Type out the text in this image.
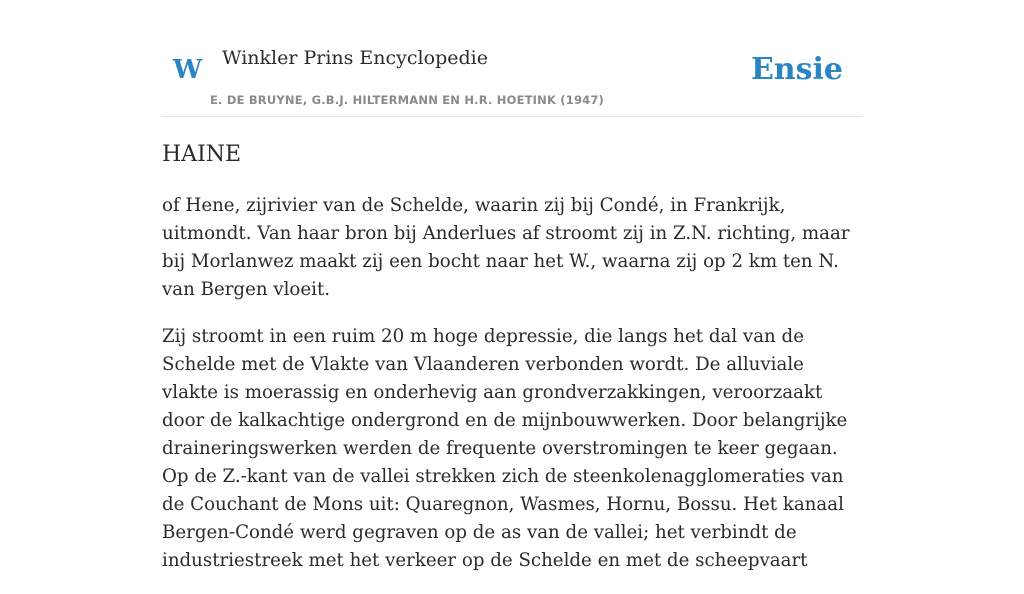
W Winkler Prins Encyclopedie
E. DE BRUYNE, G.B.J. HILTERMANN EN H.R. HOETINK (1947)
Ensie
HAINE

of Hene, zijrivier van de Schelde, waarin zij bij Condé, in Frankrijk, uitmondt. Van haar bron bij Anderlues af stroomt zij in Z.N. richting, maar bij Morlanwez maakt zij een bocht naar het W., waarna zij op 2 km ten N. van Bergen vloeit.

Zij stroomt in een ruim 20 m hoge depressie, die langs het dal van de Schelde met de Vlakte van Vlaanderen verbonden wordt. De alluviale vlakte is moerassig en onderhevig aan grondverzakkingen, veroorzaakt door de kalkachtige ondergrond en de mijnbouwwerken. Door belangrijke draineringswerken werden de frequente overstromingen te keer gegaan. Op de Z.-kant van de vallei strekken zich de steenkolenagglomeraties van de Couchant de Mons uit: Quaregnon, Wasmes, Hornu, Bossu. Het kanaal Bergen-Condé werd gegraven op de as van de vallei; het verbindt de industriestreek met het verkeer op de Schelde en met de scheepvaart
